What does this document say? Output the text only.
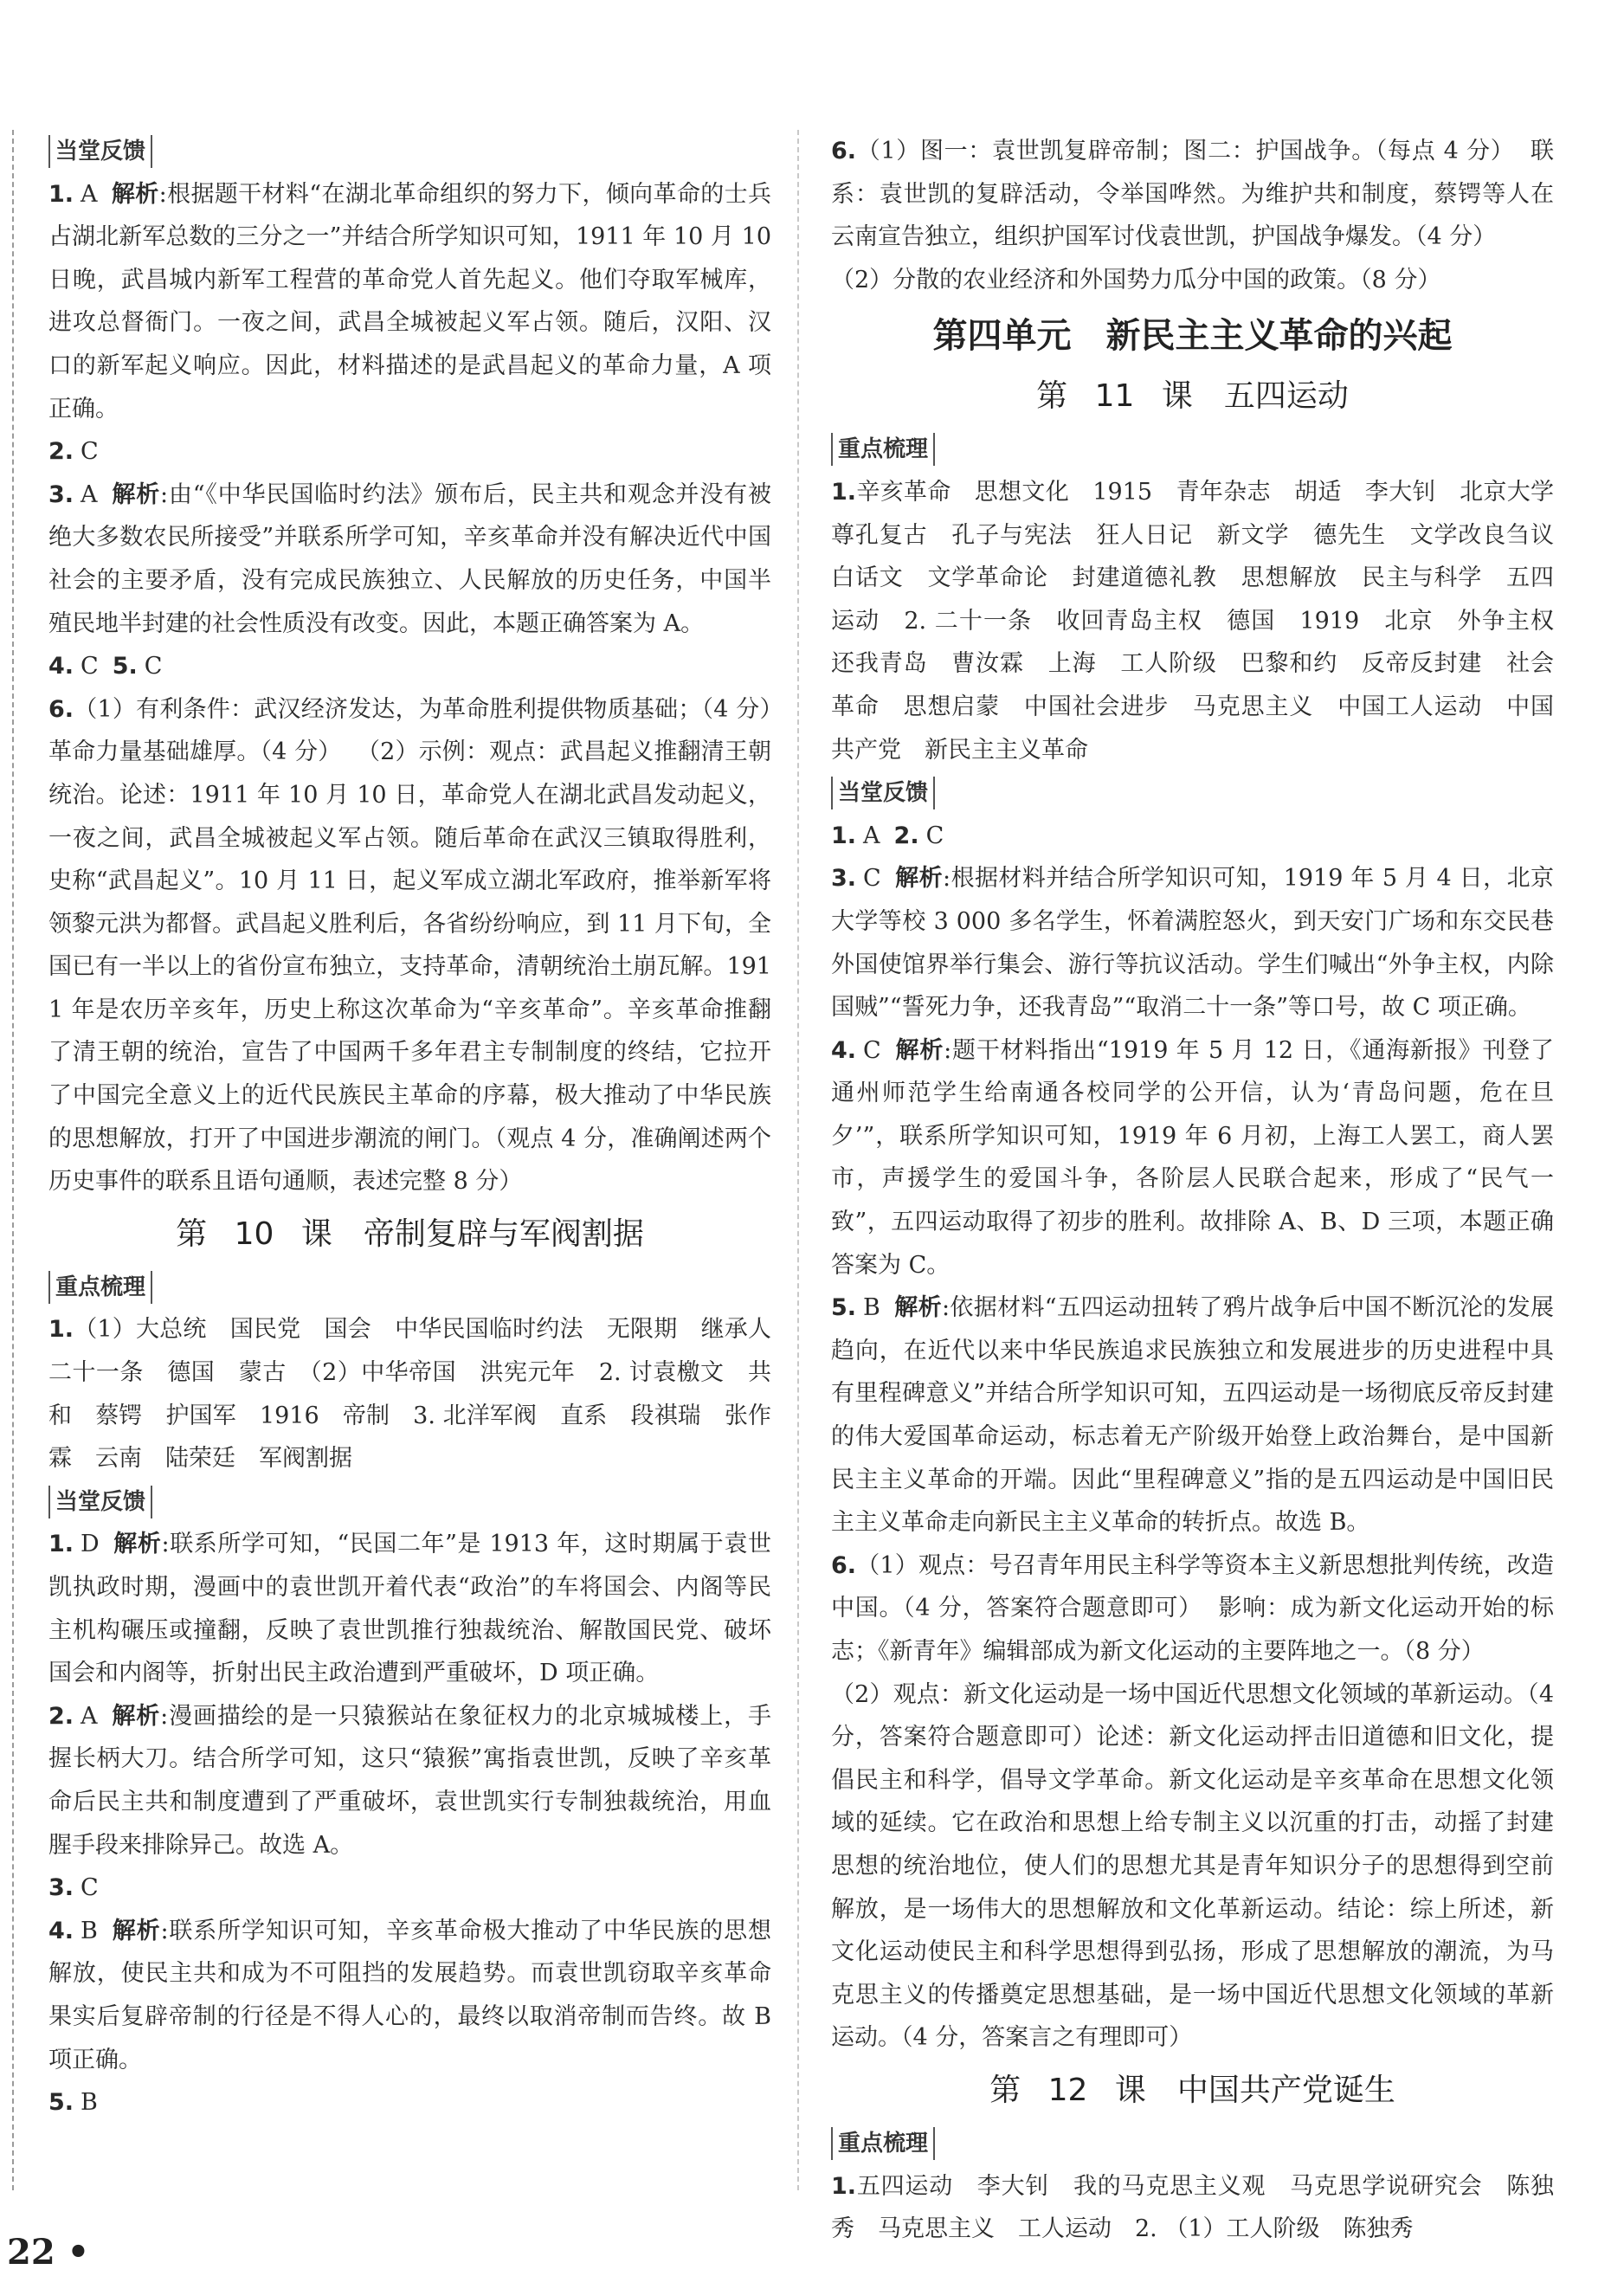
当堂反馈

1. A 解析:根据题干材料“在湖北革命组织的努力下，倾向革命的士兵占湖北新军总数的三分之一”并结合所学知识可知，1911 年 10 月 10 日晚，武昌城内新军工程营的革命党人首先起义。他们夺取军械库，进攻总督衙门。一夜之间，武昌全城被起义军占领。随后，汉阳、汉口的新军起义响应。因此，材料描述的是武昌起义的革命力量，A 项正确。

2. C

3. A 解析:由“《中华民国临时约法》颁布后，民主共和观念并没有被绝大多数农民所接受”并联系所学可知，辛亥革命并没有解决近代中国社会的主要矛盾，没有完成民族独立、人民解放的历史任务，中国半殖民地半封建的社会性质没有改变。因此，本题正确答案为 A。

4. C 5. C

6.（1）有利条件：武汉经济发达，为革命胜利提供物质基础；（4 分）革命力量基础雄厚。（4 分）  （2）示例：观点：武昌起义推翻清王朝统治。论述：1911 年 10 月 10 日，革命党人在湖北武昌发动起义，一夜之间，武昌全城被起义军占领。随后革命在武汉三镇取得胜利，史称“武昌起义”。10 月 11 日，起义军成立湖北军政府，推举新军将领黎元洪为都督。武昌起义胜利后，各省纷纷响应，到 11 月下旬，全国已有一半以上的省份宣布独立，支持革命，清朝统治土崩瓦解。1911 年是农历辛亥年，历史上称这次革命为“辛亥革命”。辛亥革命推翻了清王朝的统治，宣告了中国两千多年君主专制制度的终结，它拉开了中国完全意义上的近代民族民主革命的序幕，极大推动了中华民族的思想解放，打开了中国进步潮流的闸门。（观点 4 分，准确阐述两个历史事件的联系且语句通顺，表述完整 8 分）

第 10 课　帝制复辟与军阀割据
重点梳理

1.（1）大总统　国民党　国会　中华民国临时约法　无限期　继承人　二十一条　德国　蒙古　（2）中华帝国　洪宪元年　2. 讨袁檄文　共和　蔡锷　护国军　1916　帝制　3. 北洋军阀　直系　段祺瑞　张作霖　云南　陆荣廷　军阀割据

当堂反馈

1. D 解析:联系所学可知，“民国二年”是 1913 年，这时期属于袁世凯执政时期，漫画中的袁世凯开着代表“政治”的车将国会、内阁等民主机构碾压或撞翻，反映了袁世凯推行独裁统治、解散国民党、破坏国会和内阁等，折射出民主政治遭到严重破坏，D 项正确。

2. A 解析:漫画描绘的是一只猿猴站在象征权力的北京城城楼上，手握长柄大刀。结合所学可知，这只“猿猴”寓指袁世凯，反映了辛亥革命后民主共和制度遭到了严重破坏，袁世凯实行专制独裁统治，用血腥手段来排除异己。故选 A。

3. C

4. B 解析:联系所学知识可知，辛亥革命极大推动了中华民族的思想解放，使民主共和成为不可阻挡的发展趋势。而袁世凯窃取辛亥革命果实后复辟帝制的行径是不得人心的，最终以取消帝制而告终。故 B 项正确。

5. B

6.（1）图一：袁世凯复辟帝制；图二：护国战争。（每点 4 分）  联系：袁世凯的复辟活动，令举国哗然。为维护共和制度，蔡锷等人在云南宣告独立，组织护国军讨伐袁世凯，护国战争爆发。（4 分）

（2）分散的农业经济和外国势力瓜分中国的政策。（8 分）

第四单元　新民主主义革命的兴起
第 11 课　五四运动
重点梳理

1.辛亥革命　思想文化　1915　青年杂志　胡适　李大钊　北京大学　尊孔复古　孔子与宪法　狂人日记　新文学　德先生　文学改良刍议　白话文　文学革命论　封建道德礼教　思想解放　民主与科学　五四运动　2. 二十一条　收回青岛主权　德国　1919　北京　外争主权　还我青岛　曹汝霖　上海　工人阶级　巴黎和约　反帝反封建　社会革命　思想启蒙　中国社会进步　马克思主义　中国工人运动　中国共产党　新民主主义革命

当堂反馈

1. A 2. C

3. C 解析:根据材料并结合所学知识可知，1919 年 5 月 4 日，北京大学等校 3 000 多名学生，怀着满腔怒火，到天安门广场和东交民巷外国使馆界举行集会、游行等抗议活动。学生们喊出“外争主权，内除国贼”“誓死力争，还我青岛”“取消二十一条”等口号，故 C 项正确。

4. C 解析:题干材料指出“1919 年 5 月 12 日，《通海新报》刊登了通州师范学生给南通各校同学的公开信，认为‘青岛问题，危在旦夕’”，联系所学知识可知，1919 年 6 月初，上海工人罢工，商人罢市，声援学生的爱国斗争，各阶层人民联合起来，形成了“民气一致”，五四运动取得了初步的胜利。故排除 A、B、D 三项，本题正确答案为 C。

5. B 解析:依据材料“五四运动扭转了鸦片战争后中国不断沉沦的发展趋向，在近代以来中华民族追求民族独立和发展进步的历史进程中具有里程碑意义”并结合所学知识可知，五四运动是一场彻底反帝反封建的伟大爱国革命运动，标志着无产阶级开始登上政治舞台，是中国新民主主义革命的开端。因此“里程碑意义”指的是五四运动是中国旧民主主义革命走向新民主主义革命的转折点。故选 B。

6.（1）观点：号召青年用民主科学等资本主义新思想批判传统，改造中国。（4 分，答案符合题意即可）  影响：成为新文化运动开始的标志；《新青年》编辑部成为新文化运动的主要阵地之一。（8 分）

（2）观点：新文化运动是一场中国近代思想文化领域的革新运动。（4 分，答案符合题意即可）论述：新文化运动抨击旧道德和旧文化，提倡民主和科学，倡导文学革命。新文化运动是辛亥革命在思想文化领域的延续。它在政治和思想上给专制主义以沉重的打击，动摇了封建思想的统治地位，使人们的思想尤其是青年知识分子的思想得到空前解放，是一场伟大的思想解放和文化革新运动。结论：综上所述，新文化运动使民主和科学思想得到弘扬，形成了思想解放的潮流，为马克思主义的传播奠定思想基础，是一场中国近代思想文化领域的革新运动。（4 分，答案言之有理即可）

第 12 课　中国共产党诞生
重点梳理

1.五四运动　李大钊　我的马克思主义观　马克思学说研究会　陈独秀　马克思主义　工人运动　2. （1）工人阶级　陈独秀

22 •
